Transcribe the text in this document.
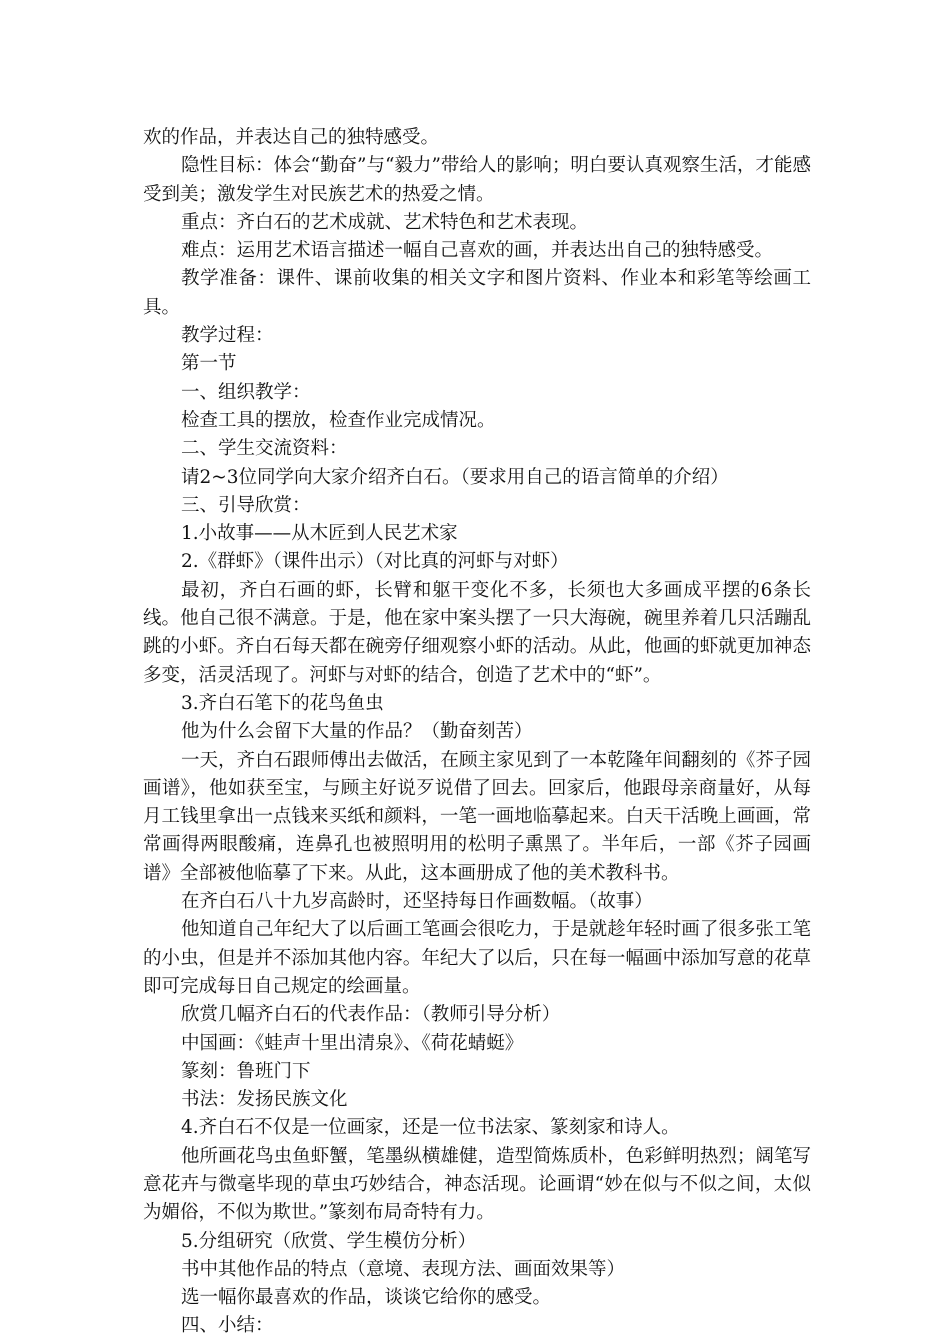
欢的作品，并表达自己的独特感受。

隐性目标：体会“勤奋”与“毅力”带给人的影响；明白要认真观察生活，才能感受到美；激发学生对民族艺术的热爱之情。

重点：齐白石的艺术成就、艺术特色和艺术表现。

难点：运用艺术语言描述一幅自己喜欢的画，并表达出自己的独特感受。

教学准备：课件、课前收集的相关文字和图片资料、作业本和彩笔等绘画工具。

教学过程：

第一节

一、组织教学：

检查工具的摆放，检查作业完成情况。

二、学生交流资料：

请2~3位同学向大家介绍齐白石。（要求用自己的语言简单的介绍）

三、引导欣赏：

1.小故事——从木匠到人民艺术家

2.《群虾》（课件出示）（对比真的河虾与对虾）

最初，齐白石画的虾，长臂和躯干变化不多，长须也大多画成平摆的6条长线。他自己很不满意。于是，他在家中案头摆了一只大海碗，碗里养着几只活蹦乱跳的小虾。齐白石每天都在碗旁仔细观察小虾的活动。从此，他画的虾就更加神态多变，活灵活现了。河虾与对虾的结合，创造了艺术中的“虾”。

3.齐白石笔下的花鸟鱼虫

他为什么会留下大量的作品？（勤奋刻苦）

一天，齐白石跟师傅出去做活，在顾主家见到了一本乾隆年间翻刻的《芥子园画谱》，他如获至宝，与顾主好说歹说借了回去。回家后，他跟母亲商量好，从每月工钱里拿出一点钱来买纸和颜料，一笔一画地临摹起来。白天干活晚上画画，常常画得两眼酸痛，连鼻孔也被照明用的松明子熏黑了。半年后，一部《芥子园画谱》全部被他临摹了下来。从此，这本画册成了他的美术教科书。

在齐白石八十九岁高龄时，还坚持每日作画数幅。（故事）

他知道自己年纪大了以后画工笔画会很吃力，于是就趁年轻时画了很多张工笔的小虫，但是并不添加其他内容。年纪大了以后，只在每一幅画中添加写意的花草即可完成每日自己规定的绘画量。

欣赏几幅齐白石的代表作品：（教师引导分析）

中国画：《蛙声十里出清泉》、《荷花蜻蜓》

篆刻：鲁班门下

书法：发扬民族文化

4.齐白石不仅是一位画家，还是一位书法家、篆刻家和诗人。

他所画花鸟虫鱼虾蟹，笔墨纵横雄健，造型简炼质朴，色彩鲜明热烈；阔笔写意花卉与微毫毕现的草虫巧妙结合，神态活现。论画谓“妙在似与不似之间，太似为媚俗，不似为欺世。”篆刻布局奇特有力。

5.分组研究（欣赏、学生模仿分析）

书中其他作品的特点（意境、表现方法、画面效果等）

选一幅你最喜欢的作品，谈谈它给你的感受。

四、小结：
